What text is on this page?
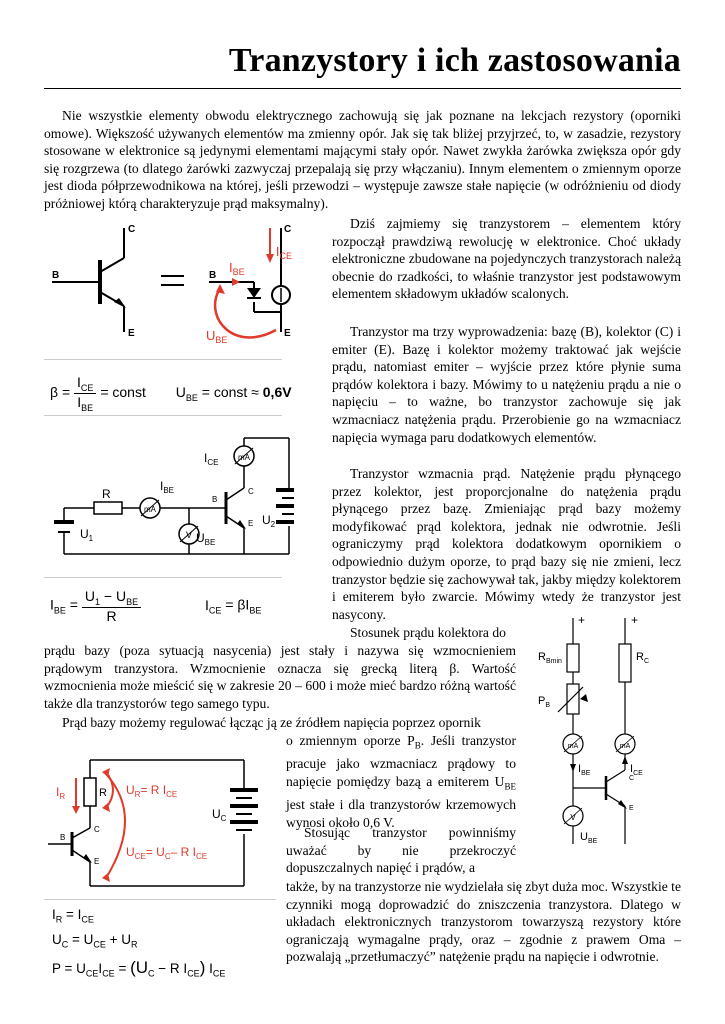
Tranzystory i ich zastosowania

Nie wszystkie elementy obwodu elektrycznego zachowują się jak poznane na lekcjach rezystory (oporniki omowe). Większość używanych elementów ma zmienny opór. Jak się tak bliżej przyjrzeć, to, w zasadzie, rezystory stosowane w elektronice są jedynymi elementami mającymi stały opór. Nawet zwykła żarówka zwiększa opór gdy się rozgrzewa (to dlatego żarówki zazwyczaj przepalają się przy włączaniu). Innym elementem o zmiennym oporze jest dioda półprzewodnikowa na której, jeśli przewodzi – występuje zawsze stałe napięcie (w odróżnieniu od diody próżniowej którą charakteryzuje prąd maksymalny).

B
C
E
B
C
E
$I_{BE}$
$I_{CE}$
$U_{BE}$
$\beta = \frac{I_{CE}}{I_{BE}}$ = const $U_{BE}$ = const ≈ 0,6V
mA
mA
V
R	B
C
E
$I_{CE}$
$I_{BE}$
$U_1$
$U_2$
$U_{BE}$
$I_{BE} = \frac{U_1 - U_{BE}}{R}$	$I_{CE} = \beta I_{BE}$

Dziś zajmiemy się tranzystorem – elementem który rozpoczął prawdziwą rewolucję w elektronice. Choć układy elektroniczne zbudowane na pojedynczych tranzystorach należą obecnie do rzadkości, to właśnie tranzystor jest podstawowym elementem składowym układów scalonych.

Tranzystor ma trzy wyprowadzenia: bazę (B), kolektor (C) i emiter (E). Bazę i kolektor możemy traktować jak wejście prądu, natomiast emiter – wyjście przez które płynie suma prądów kolektora i bazy. Mówimy to u natężeniu prądu a nie o napięciu – to ważne, bo tranzystor zachowuje się jak wzmacniacz natężenia prądu. Przerobienie go na wzmacniacz napięcia wymaga paru dodatkowych elementów.

Tranzystor wzmacnia prąd. Natężenie prądu płynącego przez kolektor, jest proporcjonalne do natężenia prądu płynącego przez bazę. Zmieniając prąd bazy możemy modyfikować prąd kolektora, jednak nie odwrotnie. Jeśli ograniczymy prąd kolektora dodatkowym opornikiem o odpowiednio dużym oporze, to prąd bazy się nie zmieni, lecz tranzystor będzie się zachowywał tak, jakby między kolektorem i emiterem było zwarcie. Mówimy wtedy że tranzystor jest nasycony.

Stosunek prądu kolektora do

prądu bazy (poza sytuacją nasycenia) jest stały i nazywa się wzmocnieniem prądowym tranzystora. Wzmocnienie oznacza się grecką literą β. Wartość wzmocnienia może mieścić się w zakresie 20 – 600 i może mieć bardzo różną wartość także dla tranzystorów tego samego typu.

Prąd bazy możemy regulować łącząc ją ze źródłem napięcia poprzez opornik

o zmiennym oporze $P_B$. Jeśli tranzystor pracuje jako wzmacniacz prądowy to napięcie pomiędzy bazą a emiterem $U_{BE}$ jest stałe i dla tranzystorów krzemowych wynosi około 0,6 V.

Stosując tranzystor powinniśmy uważać by nie przekroczyć dopuszczalnych napięć i prądów, a

także, by na tranzystorze nie wydzielała się zbyt duża moc. Wszystkie te czynniki mogą doprowadzić do zniszczenia tranzystora. Dlatego w układach elektronicznych tranzystorom towarzyszą rezystory które ograniczają wymagalne prądy, oraz – zgodnie z prawem Oma – pozwalają „przetłumaczyć” natężenie prądu na napięcie i odwrotnie.

+	+
$R_{Bmin}$	$R_C$
$P_B$
mA	mA
V
$I_{BE}$	$I_{CE}$
C
E
$U_{BE}$
$I_R$	R $U_R= R$ $I_{CE}$
$U_{CE}= U_C-$ R $I_{CE}$
$U_C$
B
C
E
$I_R = I_{CE}$
$U_C = U_{CE} + U_R$
$P = U_{CE}I_{CE} = (U_C - R$ $I_{CE}$) $I_{CE}$
